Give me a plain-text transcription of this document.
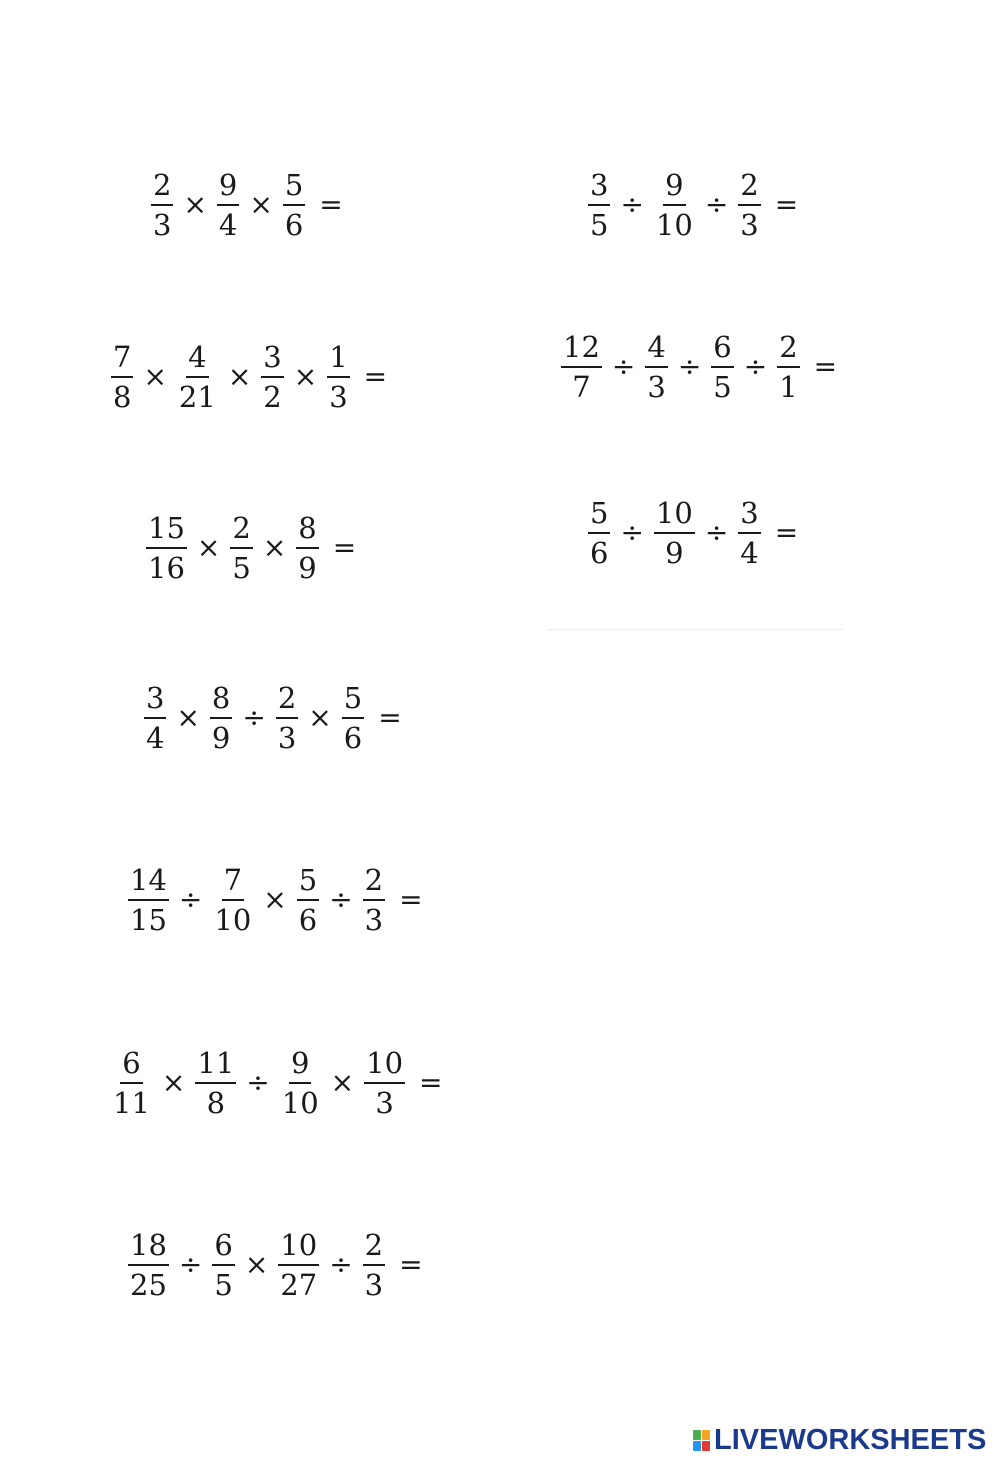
$\frac{2}{3} \times \frac{9}{4} \times \frac{5}{6}$ =
$\frac{7}{8} \times \frac{4}{21} \times \frac{3}{2} \times \frac{1}{3}$ =
$\frac{15}{16} \times \frac{2}{5} \times \frac{8}{9}$ =
$\frac{3}{4} \times \frac{8}{9} \div \frac{2}{3} \times \frac{5}{6}$ =
$\frac{14}{15} \div \frac{7}{10} \times \frac{5}{6} \div \frac{2}{3}$ =
$\frac{6}{11} \times \frac{11}{8} \div \frac{9}{10} \times \frac{10}{3}$ =
$\frac{18}{25} \div \frac{6}{5} \times \frac{10}{27} \div \frac{2}{3}$ =
$\frac{3}{5} \div \frac{9}{10} \div \frac{2}{3}$ =
$\frac{12}{7} \div \frac{4}{3} \div \frac{6}{5} \div \frac{2}{1}$ =
$\frac{5}{6} \div \frac{10}{9} \div \frac{3}{4}$ =
LIVEWORKSHEETS
